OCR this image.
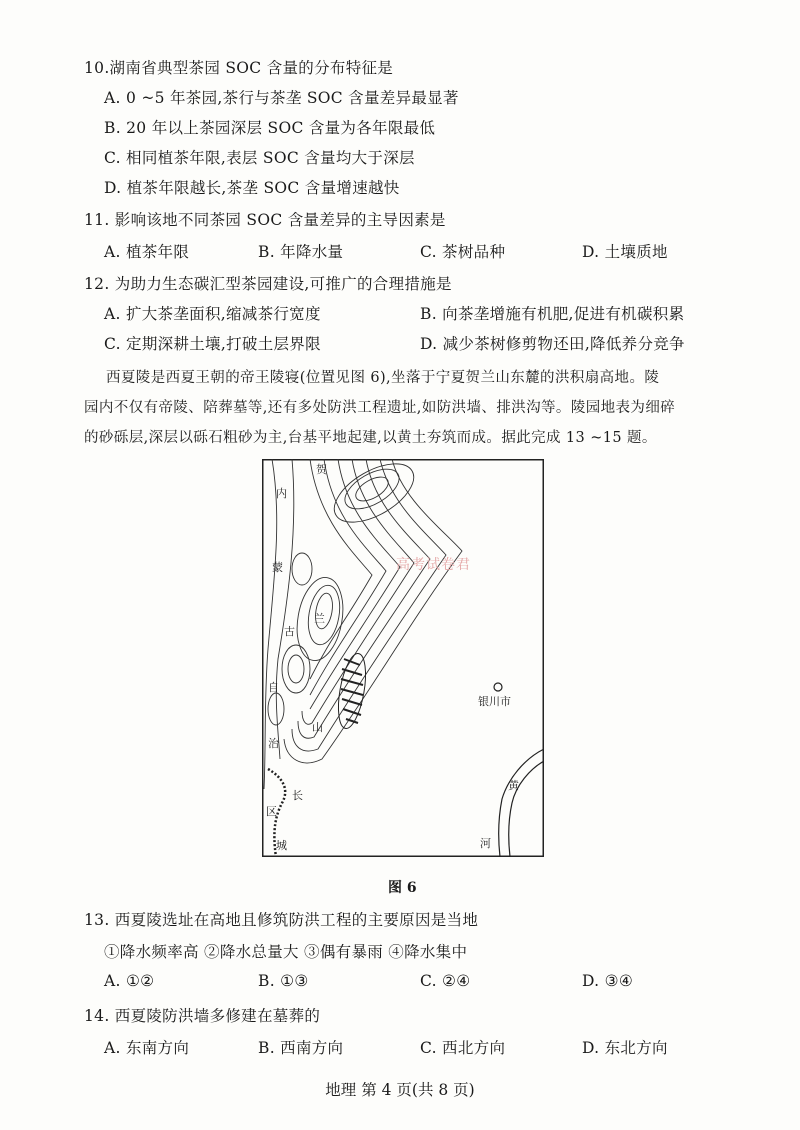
10.湖南省典型茶园 SOC 含量的分布特征是
A. 0 ~5 年茶园,茶行与茶垄 SOC 含量差异最显著
B. 20 年以上茶园深层 SOC 含量为各年限最低
C. 相同植茶年限,表层 SOC 含量均大于深层
D. 植茶年限越长,茶垄 SOC 含量增速越快
11. 影响该地不同茶园 SOC 含量差异的主导因素是
A. 植茶年限	B. 年降水量	C. 茶树品种	D. 土壤质地
12. 为助力生态碳汇型茶园建设,可推广的合理措施是
A. 扩大茶垄面积,缩减茶行宽度	B. 向茶垄增施有机肥,促进有机碳积累
C. 定期深耕土壤,打破土层界限	D. 减少茶树修剪物还田,降低养分竞争
西夏陵是西夏王朝的帝王陵寝(位置见图 6),坐落于宁夏贺兰山东麓的洪积扇高地。陵
园内不仅有帝陵、陪葬墓等,还有多处防洪工程遗址,如防洪墙、排洪沟等。陵园地表为细碎
的砂砾层,深层以砾石粗砂为主,台基平地起建,以黄土夯筑而成。据此完成 13 ~15 题。
内
贺
蒙
古
兰
自
山
治
区
长
城
银川市
黄
河
高考试卷君
图 6
13. 西夏陵选址在高地且修筑防洪工程的主要原因是当地
①降水频率高 ②降水总量大 ③偶有暴雨 ④降水集中
A. ①②	B. ①③	C. ②④	D. ③④
14. 西夏陵防洪墙多修建在墓葬的
A. 东南方向	B. 西南方向	C. 西北方向	D. 东北方向
地理 第 4 页(共 8 页)
